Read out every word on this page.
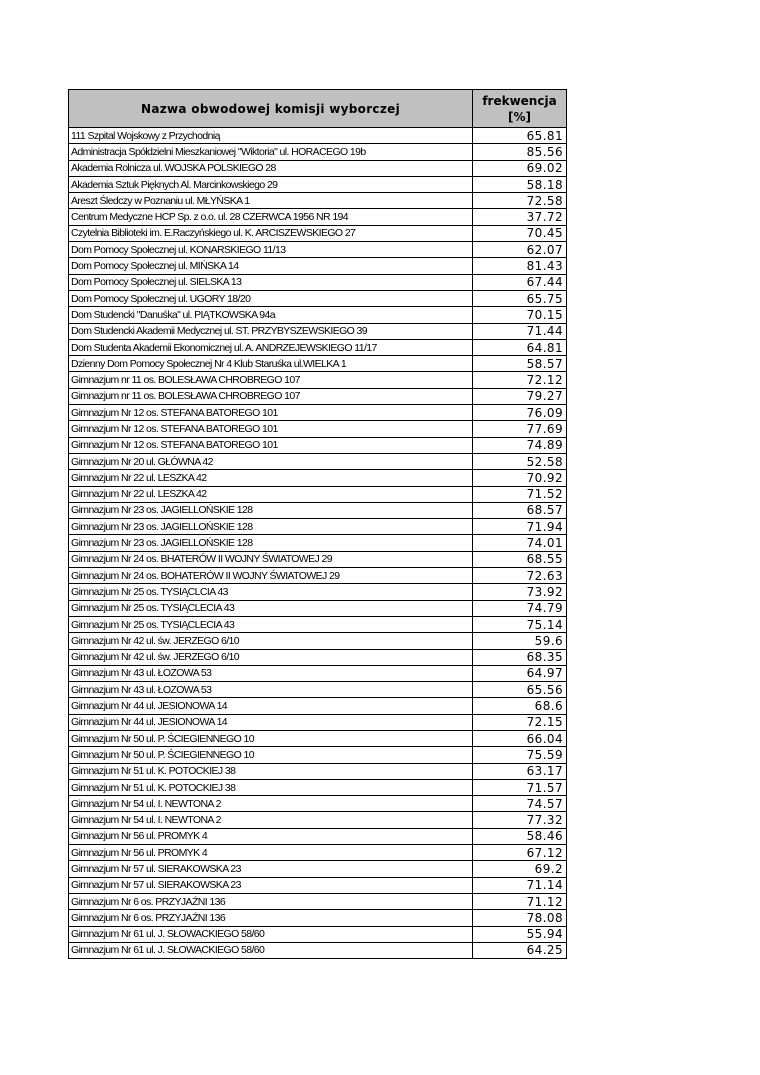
Nazwa obwodowej komisji wyborczej	frekwencja
[%]

111 Szpital Wojskowy z Przychodnią	65.81
Administracja Spółdzielni Mieszkaniowej "Wiktoria" ul. HORACEGO 19b	85.56
Akademia Rolnicza ul. WOJSKA POLSKIEGO 28	69.02
Akademia Sztuk Pięknych Al. Marcinkowskiego 29	58.18
Areszt Śledczy w Poznaniu ul. MŁYŃSKA 1	72.58
Centrum Medyczne HCP Sp. z o.o. ul. 28 CZERWCA 1956 NR 194	37.72
Czytelnia Biblioteki im. E.Raczyńskiego ul. K. ARCISZEWSKIEGO 27	70.45
Dom Pomocy Społecznej ul. KONARSKIEGO 11/13	62.07
Dom Pomocy Społecznej ul. MIŃSKA 14	81.43
Dom Pomocy Społecznej ul. SIELSKA 13	67.44
Dom Pomocy Społecznej ul. UGORY 18/20	65.75
Dom Studencki "Danuśka" ul. PIĄTKOWSKA 94a	70.15
Dom Studencki Akademii Medycznej ul. ST. PRZYBYSZEWSKIEGO 39	71.44
Dom Studenta Akademii Ekonomicznej ul. A. ANDRZEJEWSKIEGO 11/17	64.81
Dzienny Dom Pomocy Społecznej Nr 4 Klub Staruśka ul.WIELKA 1	58.57
Gimnazjum nr 11 os. BOLESŁAWA CHROBREGO 107	72.12
Gimnazjum nr 11 os. BOLESŁAWA CHROBREGO 107	79.27
Gimnazjum Nr 12 os. STEFANA BATOREGO 101	76.09
Gimnazjum Nr 12 os. STEFANA BATOREGO 101	77.69
Gimnazjum Nr 12 os. STEFANA BATOREGO 101	74.89
Gimnazjum Nr 20 ul. GŁÓWNA 42	52.58
Gimnazjum Nr 22 ul. LESZKA 42	70.92
Gimnazjum Nr 22 ul. LESZKA 42	71.52
Gimnazjum Nr 23 os. JAGIELLOŃSKIE 128	68.57
Gimnazjum Nr 23 os. JAGIELLOŃSKIE 128	71.94
Gimnazjum Nr 23 os. JAGIELLOŃSKIE 128	74.01
Gimnazjum Nr 24 os. BHATERÓW II WOJNY ŚWIATOWEJ 29	68.55
Gimnazjum Nr 24 os. BOHATERÓW II WOJNY ŚWIATOWEJ 29	72.63
Gimnazjum Nr 25 os. TYSIĄCLCIA 43	73.92
Gimnazjum Nr 25 os. TYSIĄCLECIA 43	74.79
Gimnazjum Nr 25 os. TYSIĄCLECIA 43	75.14
Gimnazjum Nr 42 ul. św. JERZEGO 6/10	59.6
Gimnazjum Nr 42 ul. św. JERZEGO 6/10	68.35
Gimnazjum Nr 43 ul. ŁOZOWA 53	64.97
Gimnazjum Nr 43 ul. ŁOZOWA 53	65.56
Gimnazjum Nr 44 ul. JESIONOWA 14	68.6
Gimnazjum Nr 44 ul. JESIONOWA 14	72.15
Gimnazjum Nr 50 ul. P. ŚCIEGIENNEGO 10	66.04
Gimnazjum Nr 50 ul. P. ŚCIEGIENNEGO 10	75.59
Gimnazjum Nr 51 ul. K. POTOCKIEJ 38	63.17
Gimnazjum Nr 51 ul. K. POTOCKIEJ 38	71.57
Gimnazjum Nr 54 ul. I. NEWTONA 2	74.57
Gimnazjum Nr 54 ul. I. NEWTONA 2	77.32
Gimnazjum Nr 56 ul. PROMYK 4	58.46
Gimnazjum Nr 56 ul. PROMYK 4	67.12
Gimnazjum Nr 57 ul. SIERAKOWSKA 23	69.2
Gimnazjum Nr 57 ul. SIERAKOWSKA 23	71.14
Gimnazjum Nr 6 os. PRZYJAŹNI 136	71.12
Gimnazjum Nr 6 os. PRZYJAŹNI 136	78.08
Gimnazjum Nr 61 ul. J. SŁOWACKIEGO 58/60	55.94
Gimnazjum Nr 61 ul. J. SŁOWACKIEGO 58/60	64.25
